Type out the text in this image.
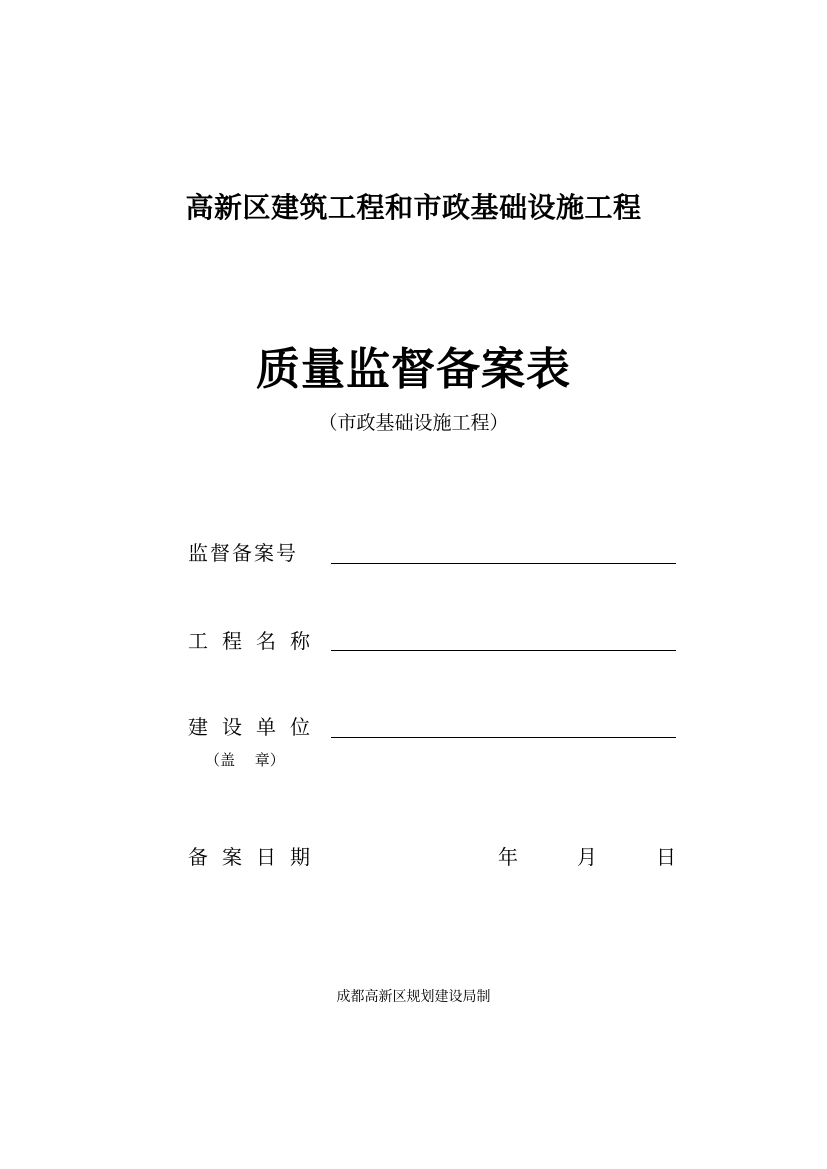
高新区建筑工程和市政基础设施工程
质量监督备案表
（市政基础设施工程）
监督备案号
工 程 名 称
建 设 单 位
（盖　 章）
备 案 日 期	年	月	日
成都高新区规划建设局制
